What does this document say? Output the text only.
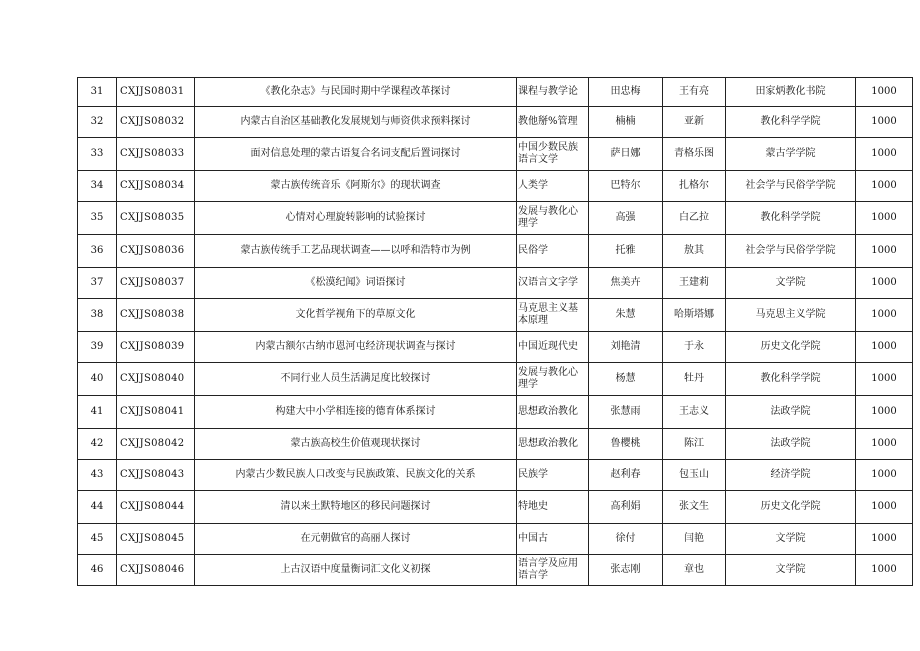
31	CXJJS08031	《教化杂志》与民国时期中学课程改革探讨	课程与教学论	田忠梅	王有亮	田家炳教化书院	1000
32	CXJJS08032	内蒙古自治区基础教化发展规划与师资供求预料探讨	教他掰%管理	楠楠	亚新	教化科学学院	1000
33	CXJJS08033	面对信息处理的蒙古语复合名词支配后置词探讨	中国少数民族语言文学	萨日娜	青格乐图	蒙古学学院	1000
34	CXJJS08034	蒙古族传统音乐《阿斯尔》的现状调查	人类学	巴特尔	扎格尔	社会学与民俗学学院	1000
35	CXJJS08035	心情对心理旋转影响的试验探讨	发展与教化心理学	高强	白乙拉	教化科学学院	1000
36	CXJJS08036	蒙古族传统手工艺品现状调查——以呼和浩特市为例	民俗学	托雅	敖其	社会学与民俗学学院	1000
37	CXJJS08037	《松漠纪闻》词语探讨	汉语言文字学	焦美卉	王建莉	文学院	1000
38	CXJJS08038	文化哲学视角下的草原文化	马克思主义基本原理	朱慧	哈斯塔娜	马克思主义学院	1000
39	CXJJS08039	内蒙古额尔古纳市恩河屯经济现状调查与探讨	中国近现代史	刘艳清	于永	历史文化学院	1000
40	CXJJS08040	不同行业人员生活满足度比较探讨	发展与教化心理学	杨慧	牡丹	教化科学学院	1000
41	CXJJS08041	构建大中小学相连接的德育体系探讨	思想政治教化	张慧雨	王志义	法政学院	1000
42	CXJJS08042	蒙古族高校生价值观现状探讨	思想政治教化	鲁樱桃	陈江	法政学院	1000
43	CXJJS08043	内蒙古少数民族人口改变与民族政策、民族文化的关系	民族学	赵利春	包玉山	经济学院	1000
44	CXJJS08044	清以来土默特地区的移民问题探讨	特地史	高利娟	张文生	历史文化学院	1000
45	CXJJS08045	在元朝做官的高丽人探讨	中国古	徐付	闫艳	文学院	1000
46	CXJJS08046	上古汉语中度量衡词汇文化义初探	语言学及应用语言学	张志刚	章也	文学院	1000
